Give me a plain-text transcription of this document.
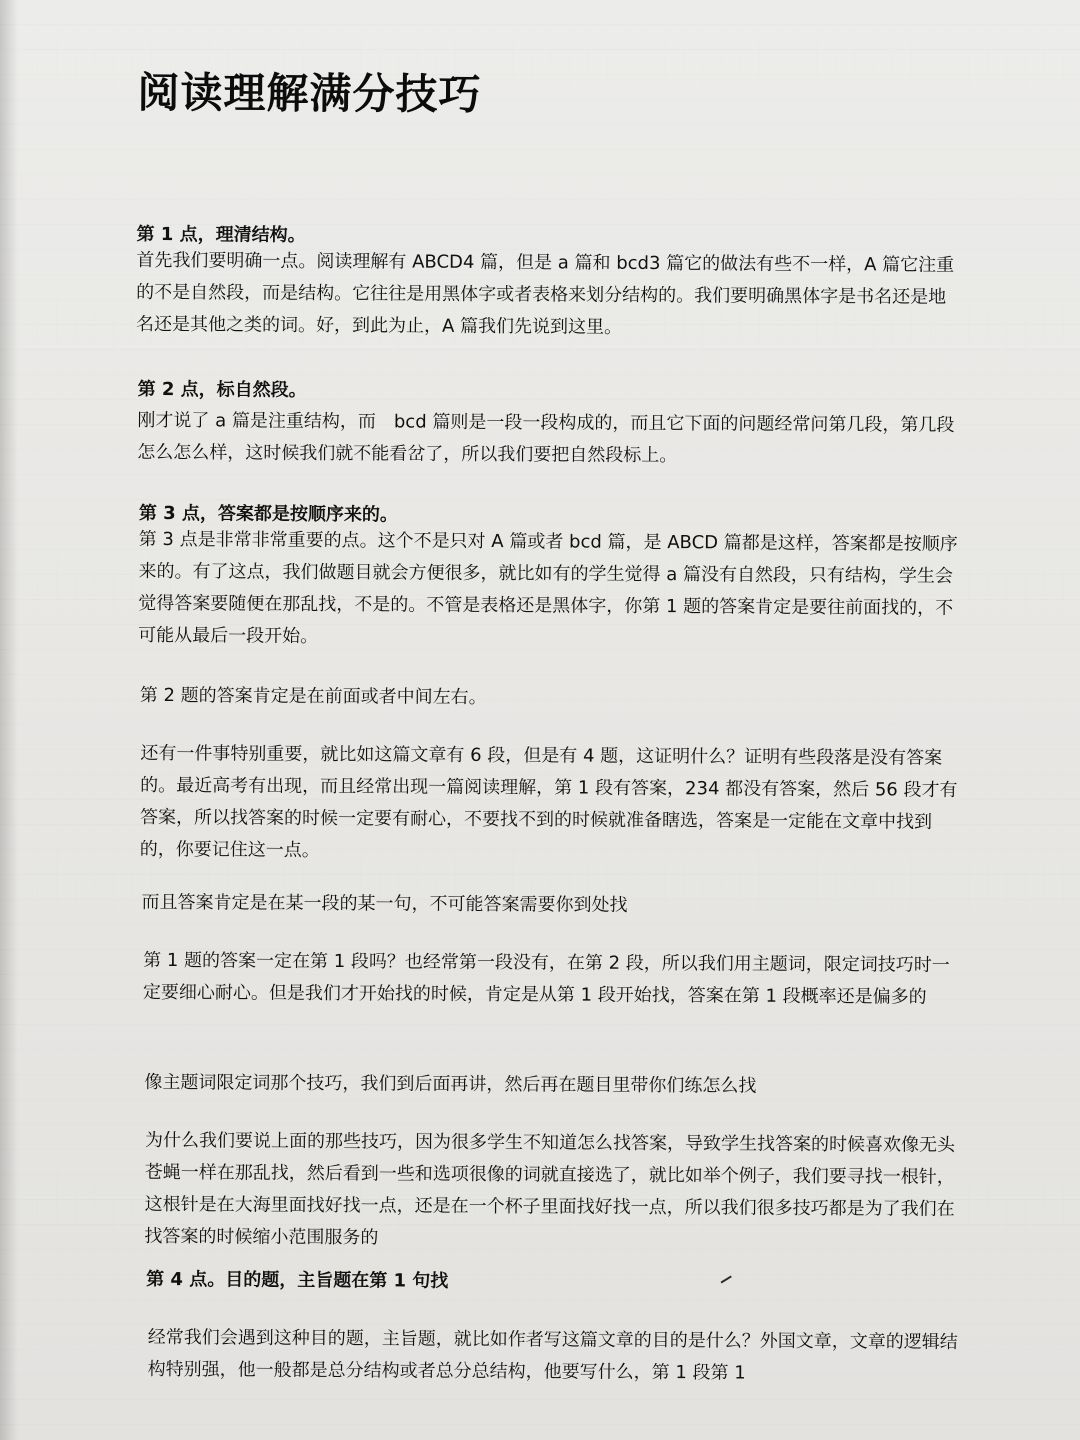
阅读理解满分技巧
第 1 点，理清结构。

首先我们要明确一点。阅读理解有 ABCD4 篇，但是 a 篇和 bcd3 篇它的做法有些不一样，A 篇它注重的不是自然段，而是结构。它往往是用黑体字或者表格来划分结构的。我们要明确黑体字是书名还是地名还是其他之类的词。好，到此为止，A 篇我们先说到这里。

第 2 点，标自然段。

刚才说了 a 篇是注重结构，而　bcd 篇则是一段一段构成的，而且它下面的问题经常问第几段，第几段怎么怎么样，这时候我们就不能看岔了，所以我们要把自然段标上。

第 3 点，答案都是按顺序来的。

第 3 点是非常非常重要的点。这个不是只对 A 篇或者 bcd 篇，是 ABCD 篇都是这样，答案都是按顺序来的。有了这点，我们做题目就会方便很多，就比如有的学生觉得 a 篇没有自然段，只有结构，学生会觉得答案要随便在那乱找，不是的。不管是表格还是黑体字，你第 1 题的答案肯定是要往前面找的，不可能从最后一段开始。

第 2 题的答案肯定是在前面或者中间左右。

还有一件事特别重要，就比如这篇文章有 6 段，但是有 4 题，这证明什么？证明有些段落是没有答案的。最近高考有出现，而且经常出现一篇阅读理解，第 1 段有答案，234 都没有答案，然后 56 段才有答案，所以找答案的时候一定要有耐心，不要找不到的时候就准备瞎选，答案是一定能在文章中找到的，你要记住这一点。

而且答案肯定是在某一段的某一句，不可能答案需要你到处找

第 1 题的答案一定在第 1 段吗？也经常第一段没有，在第 2 段，所以我们用主题词，限定词技巧时一定要细心耐心。但是我们才开始找的时候，肯定是从第 1 段开始找，答案在第 1 段概率还是偏多的

像主题词限定词那个技巧，我们到后面再讲，然后再在题目里带你们练怎么找

为什么我们要说上面的那些技巧，因为很多学生不知道怎么找答案，导致学生找答案的时候喜欢像无头苍蝇一样在那乱找，然后看到一些和选项很像的词就直接选了，就比如举个例子，我们要寻找一根针，这根针是在大海里面找好找一点，还是在一个杯子里面找好找一点，所以我们很多技巧都是为了我们在找答案的时候缩小范围服务的

第 4 点。目的题，主旨题在第 1 句找

经常我们会遇到这种目的题，主旨题，就比如作者写这篇文章的目的是什么？外国文章，文章的逻辑结构特别强，他一般都是总分结构或者总分总结构，他要写什么，第 1 段第 1
